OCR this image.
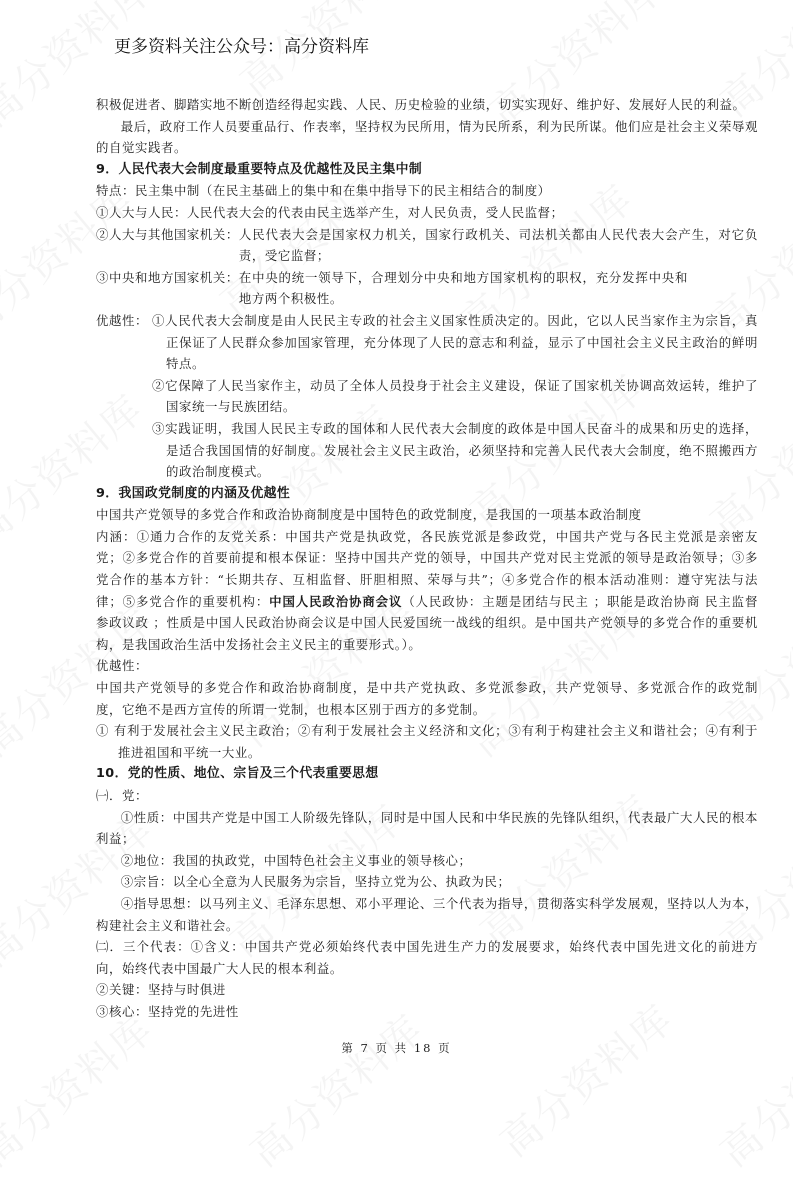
更多资料关注公众号：高分资料库

积极促进者、脚踏实地不断创造经得起实践、人民、历史检验的业绩，切实实现好、维护好、发展好人民的利益。

最后，政府工作人员要重品行、作表率，坚持权为民所用，情为民所系，利为民所谋。他们应是社会主义荣辱观的自觉实践者。

9．人民代表大会制度最重要特点及优越性及民主集中制

特点：民主集中制（在民主基础上的集中和在集中指导下的民主相结合的制度）

①人大与人民： 人民代表大会的代表由民主选举产生，对人民负责，受人民监督；
②人大与其他国家机关： 人民代表大会是国家权力机关，国家行政机关、司法机关都由人民代表大会产生，对它负责，受它监督；
③中央和地方国家机关： 在中央的统一领导下，合理划分中央和地方国家机构的职权，充分发挥中央和地方两个积极性。
优越性： ①人民代表大会制度是由人民民主专政的社会主义国家性质决定的。因此，它以人民当家作主为宗旨，真正保证了人民群众参加国家管理，充分体现了人民的意志和利益，显示了中国社会主义民主政治的鲜明特点。
②它保障了人民当家作主，动员了全体人员投身于社会主义建设，保证了国家机关协调高效运转，维护了国家统一与民族团结。
③实践证明，我国人民民主专政的国体和人民代表大会制度的政体是中国人民奋斗的成果和历史的选择，是适合我国国情的好制度。发展社会主义民主政治，必须坚持和完善人民代表大会制度，绝不照搬西方的政治制度模式。

9．我国政党制度的内涵及优越性

中国共产党领导的多党合作和政治协商制度是中国特色的政党制度，是我国的一项基本政治制度

内涵：①通力合作的友党关系：中国共产党是执政党，各民族党派是参政党，中国共产党与各民主党派是亲密友党；②多党合作的首要前提和根本保证：坚持中国共产党的领导，中国共产党对民主党派的领导是政治领导；③多党合作的基本方针：“长期共存、互相监督、肝胆相照、荣辱与共”；④多党合作的根本活动准则：遵守宪法与法律；⑤多党合作的重要机构：中国人民政治协商会议（人民政协：主题是团结与民主 ；职能是政治协商 民主监督 参政议政 ；性质是中国人民政治协商会议是中国人民爱国统一战线的组织。是中国共产党领导的多党合作的重要机构，是我国政治生活中发扬社会主义民主的重要形式。）。

优越性：

中国共产党领导的多党合作和政治协商制度，是中共产党执政、多党派参政，共产党领导、多党派合作的政党制度，它绝不是西方宣传的所谓一党制，也根本区别于西方的多党制。

① 有利于发展社会主义民主政治；②有利于发展社会主义经济和文化；③有利于构建社会主义和谐社会；④有利于推进祖国和平统一大业。

10．党的性质、地位、宗旨及三个代表重要思想

㈠．党：

①性质：中国共产党是中国工人阶级先锋队，同时是中国人民和中华民族的先锋队组织，代表最广大人民的根本利益；

②地位：我国的执政党，中国特色社会主义事业的领导核心；

③宗旨：以全心全意为人民服务为宗旨，坚持立党为公、执政为民；

④指导思想：以马列主义、毛泽东思想、邓小平理论、三个代表为指导，贯彻落实科学发展观，坚持以人为本，构建社会主义和谐社会。

㈡．三个代表：①含义：中国共产党必须始终代表中国先进生产力的发展要求，始终代表中国先进文化的前进方向，始终代表中国最广大人民的根本利益。

②关键：坚持与时俱进

③核心：坚持党的先进性

第 7 页 共 18 页
